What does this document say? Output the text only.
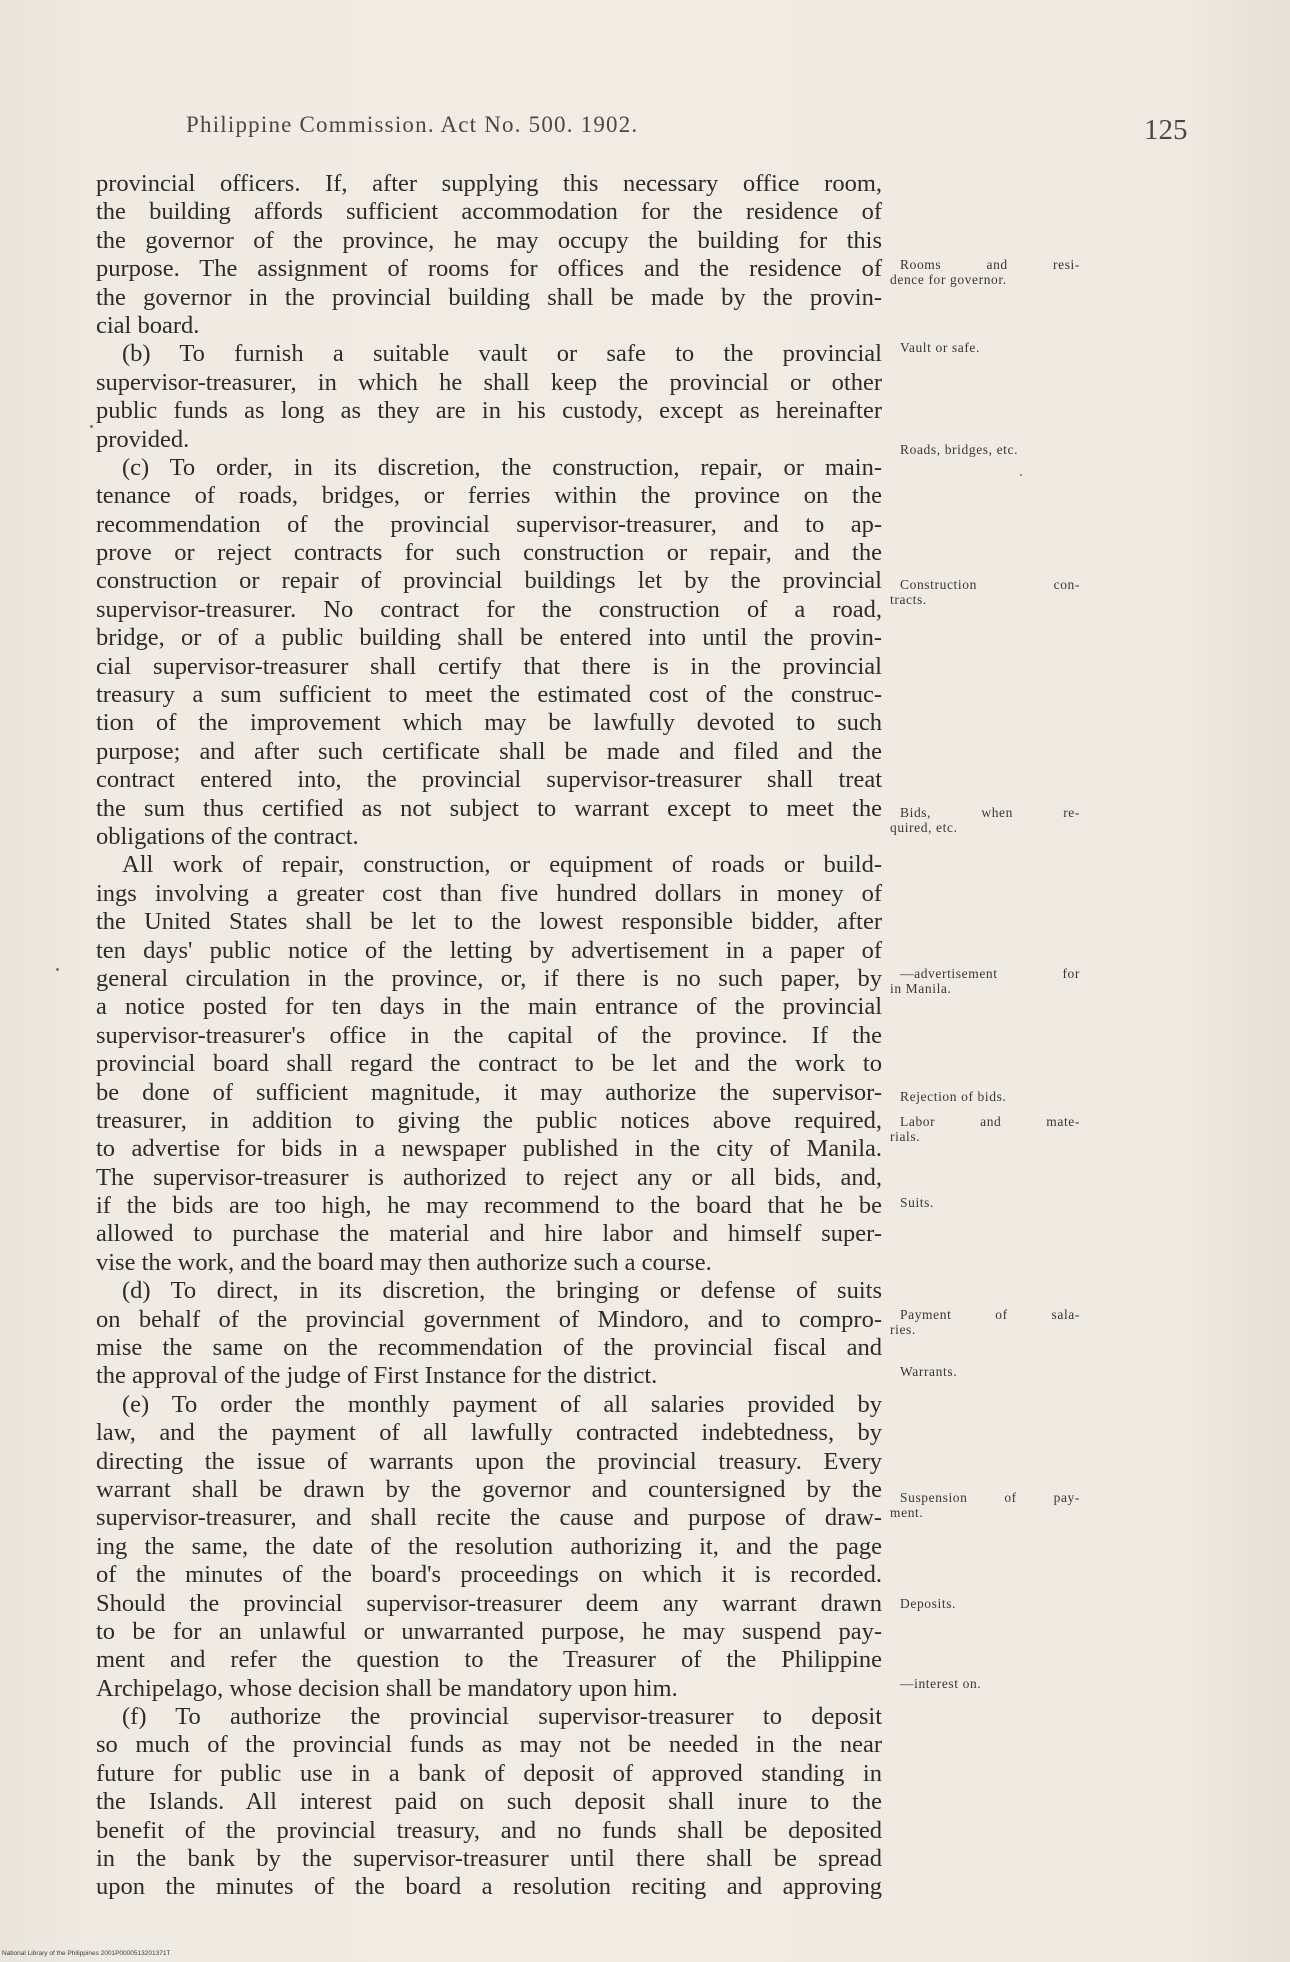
Philippine Commission. Act No. 500. 1902.	125
provincial officers. If, after supplying this necessary office room,
the building affords sufficient accommodation for the residence of
the governor of the province, he may occupy the building for this
purpose. The assignment of rooms for offices and the residence of
the governor in the provincial building shall be made by the provin-
cial board.
(b) To furnish a suitable vault or safe to the provincial
supervisor-treasurer, in which he shall keep the provincial or other
public funds as long as they are in his custody, except as hereinafter
provided.
(c) To order, in its discretion, the construction, repair, or main-
tenance of roads, bridges, or ferries within the province on the
recommendation of the provincial supervisor-treasurer, and to ap-
prove or reject contracts for such construction or repair, and the
construction or repair of provincial buildings let by the provincial
supervisor-treasurer. No contract for the construction of a road,
bridge, or of a public building shall be entered into until the provin-
cial supervisor-treasurer shall certify that there is in the provincial
treasury a sum sufficient to meet the estimated cost of the construc-
tion of the improvement which may be lawfully devoted to such
purpose; and after such certificate shall be made and filed and the
contract entered into, the provincial supervisor-treasurer shall treat
the sum thus certified as not subject to warrant except to meet the
obligations of the contract.
All work of repair, construction, or equipment of roads or build-
ings involving a greater cost than five hundred dollars in money of
the United States shall be let to the lowest responsible bidder, after
ten days' public notice of the letting by advertisement in a paper of
general circulation in the province, or, if there is no such paper, by
a notice posted for ten days in the main entrance of the provincial
supervisor-treasurer's office in the capital of the province. If the
provincial board shall regard the contract to be let and the work to
be done of sufficient magnitude, it may authorize the supervisor-
treasurer, in addition to giving the public notices above required,
to advertise for bids in a newspaper published in the city of Manila.
The supervisor-treasurer is authorized to reject any or all bids, and,
if the bids are too high, he may recommend to the board that he be
allowed to purchase the material and hire labor and himself super-
vise the work, and the board may then authorize such a course.
(d) To direct, in its discretion, the bringing or defense of suits
on behalf of the provincial government of Mindoro, and to compro-
mise the same on the recommendation of the provincial fiscal and
the approval of the judge of First Instance for the district.
(e) To order the monthly payment of all salaries provided by
law, and the payment of all lawfully contracted indebtedness, by
directing the issue of warrants upon the provincial treasury. Every
warrant shall be drawn by the governor and countersigned by the
supervisor-treasurer, and shall recite the cause and purpose of draw-
ing the same, the date of the resolution authorizing it, and the page
of the minutes of the board's proceedings on which it is recorded.
Should the provincial supervisor-treasurer deem any warrant drawn
to be for an unlawful or unwarranted purpose, he may suspend pay-
ment and refer the question to the Treasurer of the Philippine
Archipelago, whose decision shall be mandatory upon him.
(f) To authorize the provincial supervisor-treasurer to deposit
so much of the provincial funds as may not be needed in the near
future for public use in a bank of deposit of approved standing in
the Islands. All interest paid on such deposit shall inure to the
benefit of the provincial treasury, and no funds shall be deposited
in the bank by the supervisor-treasurer until there shall be spread
upon the minutes of the board a resolution reciting and approving
Rooms and resi-
dence for governor.
Vault or safe.
Roads, bridges, etc.
Construction con-
tracts.
Bids, when re-
quired, etc.
—advertisement for
in Manila.
Rejection of bids.
Labor and mate-
rials.
Suits.
Payment of sala-
ries.
Warrants.
Suspension of pay-
ment.
Deposits.
—interest on.
National Library of the Philippines 2001P0000513201371T
